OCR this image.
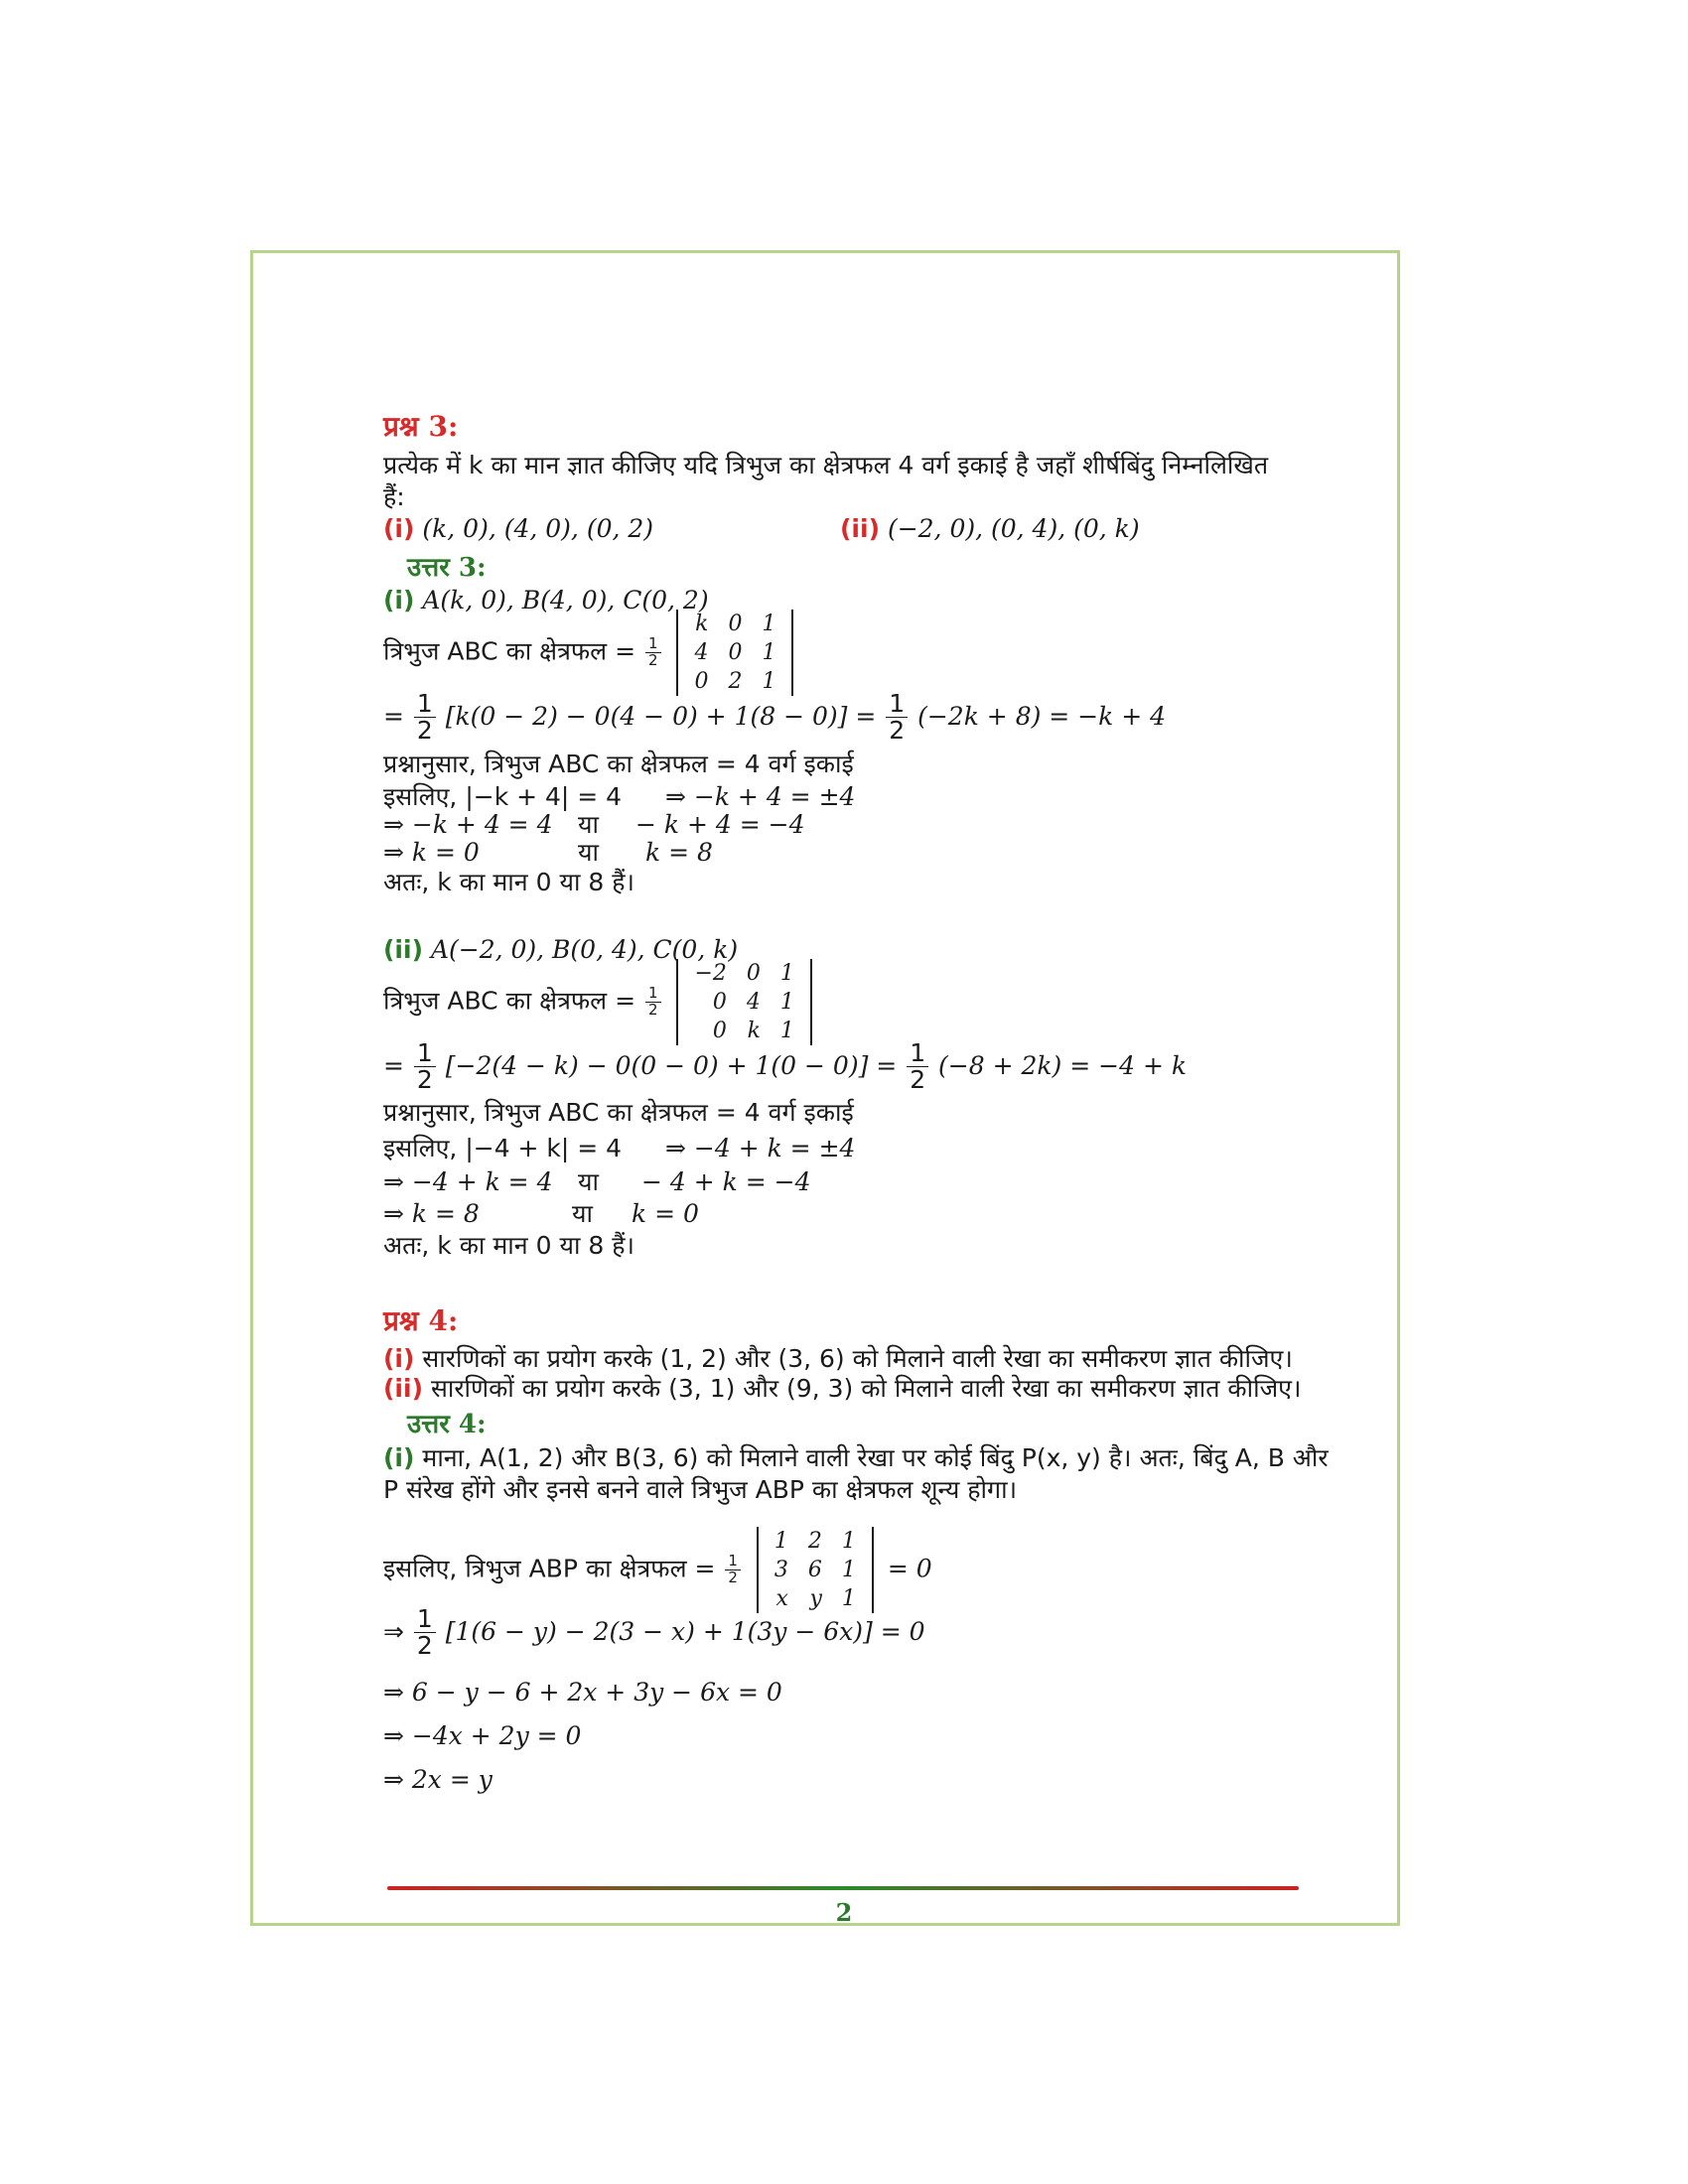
प्रश्न 3:
प्रत्येक में k का मान ज्ञात कीजिए यदि त्रिभुज का क्षेत्रफल 4 वर्ग इकाई है जहाँ शीर्षबिंदु निम्नलिखित
हैं:
(i) (k, 0), (4, 0), (0, 2)	(ii) (−2, 0), (0, 4), (0, k)
उत्तर 3:
(i) A(k, 0), B(4, 0), C(0, 2)
त्रिभुज ABC का क्षेत्रफल = $\frac{1}{2}$

k	0	1
4	0	1
0	2	1
= $\frac{1}{2} [k(0 - 2) - 0(4 - 0) + 1(8 - 0)] = \frac{1}{2} (-2k + 8) = -k + 4$
प्रश्नानुसार, त्रिभुज ABC का क्षेत्रफल = 4 वर्ग इकाई
इसलिए, |−k + 4| = 4 ⇒ −k + 4 = ±4
⇒ −k + 4 = 4 या − k + 4 = −4
⇒ k = 0	या k = 8
अतः, k का मान 0 या 8 हैं।
(ii) A(−2, 0), B(0, 4), C(0, k)
त्रिभुज ABC का क्षेत्रफल = $\frac{1}{2}$

−2	0	1
0	4	1
0	k	1
= $\frac{1}{2} [-2(4 - k) - 0(0 - 0) + 1(0 - 0)] = \frac{1}{2} (-8 + 2k) = -4 + k$
प्रश्नानुसार, त्रिभुज ABC का क्षेत्रफल = 4 वर्ग इकाई
इसलिए, |−4 + k| = 4 ⇒ −4 + k = ±4
⇒ −4 + k = 4 या − 4 + k = −4
⇒ k = 8	या k = 0
अतः, k का मान 0 या 8 हैं।
प्रश्न 4:
(i) सारणिकों का प्रयोग करके (1, 2) और (3, 6) को मिलाने वाली रेखा का समीकरण ज्ञात कीजिए।
(ii) सारणिकों का प्रयोग करके (3, 1) और (9, 3) को मिलाने वाली रेखा का समीकरण ज्ञात कीजिए।
उत्तर 4:
(i) माना, A(1, 2) और B(3, 6) को मिलाने वाली रेखा पर कोई बिंदु P(x, y) है। अतः, बिंदु A, B और
P संरेख होंगे और इनसे बनने वाले त्रिभुज ABP का क्षेत्रफल शून्य होगा।
इसलिए, त्रिभुज ABP का क्षेत्रफल = $\frac{1}{2}$

1	2	1
3	6	1
x	y	1
= 0
⇒ $\frac{1}{2} [1(6 - y) - 2(3 - x) + 1(3y - 6x)] = 0$
⇒ 6 − y − 6 + 2x + 3y − 6x = 0
⇒ −4x + 2y = 0
⇒ 2x = y
2
